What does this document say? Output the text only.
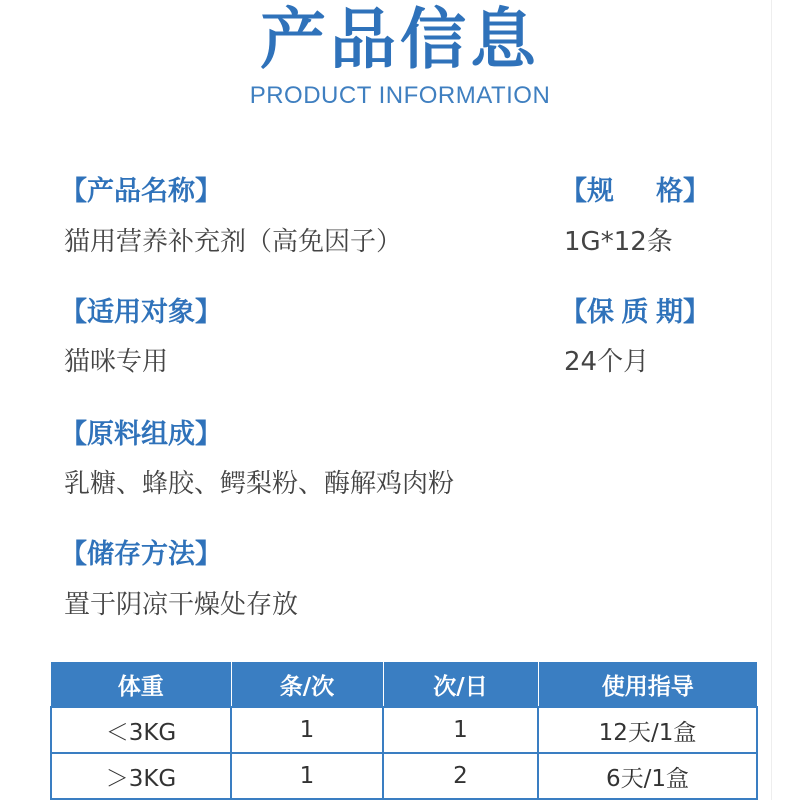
产品信息
PRODUCT INFORMATION
【产品名称】
猫用营养补充剂（高免因子）
【规 格】
1G*12条
【适用对象】
猫咪专用
【保 质 期】
24个月
【原料组成】
乳糖、蜂胶、鳄梨粉、酶解鸡肉粉
【储存方法】
置于阴凉干燥处存放
体重	条/次	次/日	使用指导
＜3KG	1	1	12天/1盒
＞3KG	1	2	6天/1盒
